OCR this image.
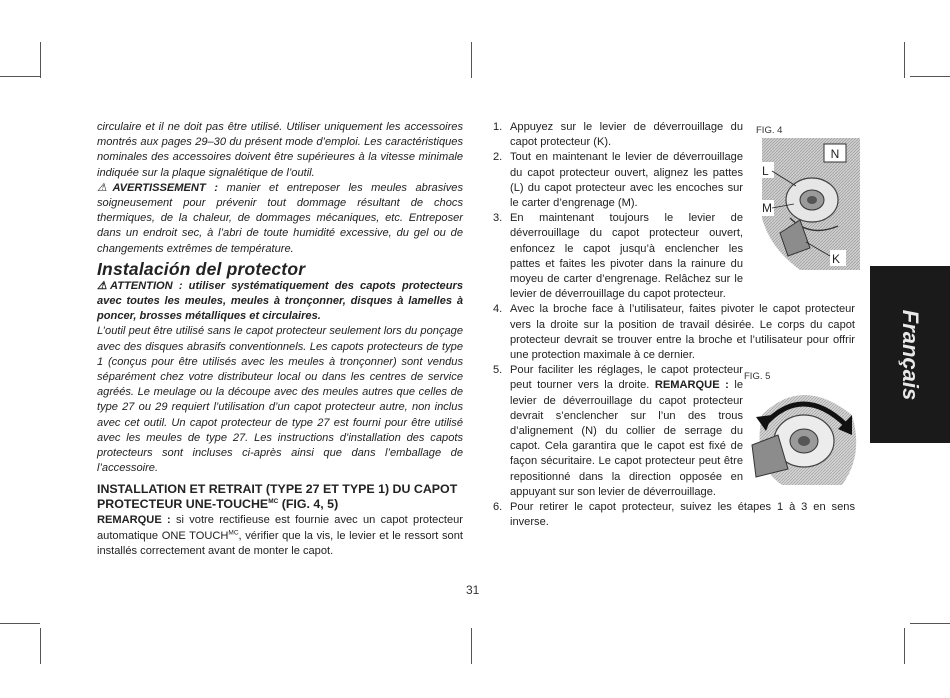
circulaire et il ne doit pas être utilisé. Utiliser uniquement les accessoires montrés aux pages 29–30 du présent mode d’emploi. Les caractéristiques nominales des accessoires doivent être supérieures à la vitesse minimale indiquée sur la plaque signalétique de l’outil.

⚠AVERTISSEMENT : manier et entreposer les meules abrasives soigneusement pour prévenir tout dommage résultant de chocs thermiques, de la chaleur, de dommages mécaniques, etc. Entreposer dans un endroit sec, à l’abri de toute humidité excessive, du gel ou de changements extrêmes de température.

Instalación del protector

⚠ATTENTION : utiliser systématiquement des capots protecteurs avec toutes les meules, meules à tronçonner, disques à lamelles à poncer, brosses métalliques et circulaires.

L’outil peut être utilisé sans le capot protecteur seulement lors du ponçage avec des disques abrasifs conventionnels. Les capots protecteurs de type 1 (conçus pour être utilisés avec les meules à tronçonner) sont vendus séparément chez votre distributeur local ou dans les centres de service agréés. Le meulage ou la découpe avec des meules autres que celles de type 27 ou 29 requiert l’utilisation d’un capot protecteur autre, non inclus avec cet outil. Un capot protecteur de type 27 est fourni pour être utilisé avec les meules de type 27. Les instructions d’installation des capots protecteurs sont incluses ci-après ainsi que dans l’emballage de l’accessoire.

INSTALLATION ET RETRAIT (TYPE 27 ET TYPE 1) DU CAPOT PROTECTEUR UNE-$TOUCHE^{MC}$ (FIG. 4, 5)

REMARQUE : si votre rectifieuse est fournie avec un capot protecteur automatique ONE $TOUCH^{MC}$, vérifier que la vis, le levier et le ressort sont installés correctement avant de monter le capot.

1. Appuyez sur le levier de déverrouillage du capot protecteur (K).
2. Tout en maintenant le levier de déverrouillage du capot protecteur ouvert, alignez les pattes (L) du capot protecteur avec les encoches sur le carter d’engrenage (M).
3. En maintenant toujours le levier de déverrouillage du capot protecteur ouvert, enfoncez le capot jusqu’à enclencher les pattes et faites les pivoter dans la rainure du moyeu de carter d’engrenage. Relâchez sur le levier de déverrouillage du capot protecteur.
4. Avec la broche face à l’utilisateur, faites pivoter le capot protecteur vers la droite sur la position de travail désirée. Le corps du capot protecteur devrait se trouver entre la broche et l’utilisateur pour offrir une protection maximale à ce dernier.
5. Pour faciliter les réglages, le capot protecteur peut tourner vers la droite. REMARQUE : le levier de déverrouillage du capot protecteur devrait s’enclencher sur l’un des trous d’alignement (N) du collier de serrage du capot. Cela garantira que le capot est fixé de façon sécuritaire. Le capot protecteur peut être repositionné dans la direction opposée en appuyant sur son levier de déverrouillage.
6. Pour retirer le capot protecteur, suivez les étapes 1 à 3 en sens inverse.
FIG. 4
N
L
M
K
FIG. 5
31
Français
